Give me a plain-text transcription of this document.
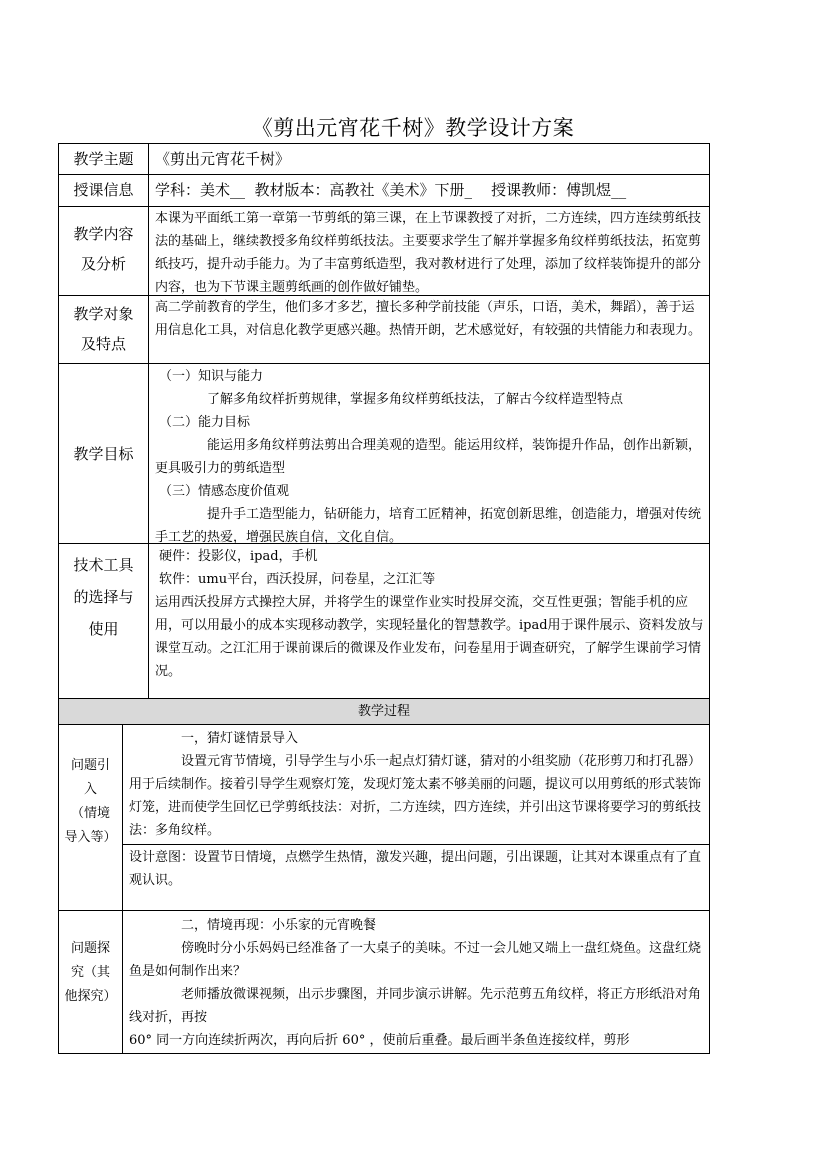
《剪出元宵花千树》教学设计方案
教学主题	《剪出元宵花千树》
授课信息	学科：美术__  教材版本：高教社《美术》下册_    授课教师：傅凯煜__
教学内容
及分析

本课为平面纸工第一章第一节剪纸的第三课，在上节课教授了对折，二方连续，四方连续剪纸技法的基础上，继续教授多角纹样剪纸技法。主要要求学生了解并掌握多角纹样剪纸技法，拓宽剪纸技巧，提升动手能力。为了丰富剪纸造型，我对教材进行了处理，添加了纹样装饰提升的部分内容，也为下节课主题剪纸画的创作做好铺垫。

教学对象
及特点

高二学前教育的学生，他们多才多艺，擅长多种学前技能（声乐，口语，美术，舞蹈），善于运用信息化工具，对信息化教学更感兴趣。热情开朗，艺术感觉好，有较强的共情能力和表现力。

教学目标

（一）知识与能力

了解多角纹样折剪规律，掌握多角纹样剪纸技法，了解古今纹样造型特点

（二）能力目标

能运用多角纹样剪法剪出合理美观的造型。能运用纹样，装饰提升作品，创作出新颖，更具吸引力的剪纸造型

（三）情感态度价值观

提升手工造型能力，钻研能力，培育工匠精神，拓宽创新思维，创造能力，增强对传统手工艺的热爱，增强民族自信，文化自信。

技术工具
的选择与
使用

硬件：投影仪，ipad，手机

软件：umu平台，西沃投屏，问卷星，之江汇等

运用西沃投屏方式操控大屏，并将学生的课堂作业实时投屏交流，交互性更强；智能手机的应用，可以用最小的成本实现移动教学，实现轻量化的智慧教学。ipad用于课件展示、资料发放与课堂互动。之江汇用于课前课后的微课及作业发布，问卷星用于调查研究，了解学生课前学习情况。

教学过程
问题引
入
（情境
导入等）

一，猜灯谜情景导入

设置元宵节情境，引导学生与小乐一起点灯猜灯谜，猜对的小组奖励（花形剪刀和打孔器）用于后续制作。接着引导学生观察灯笼，发现灯笼太素不够美丽的问题，提议可以用剪纸的形式装饰灯笼，进而使学生回忆已学剪纸技法：对折，二方连续，四方连续，并引出这节课将要学习的剪纸技法：多角纹样。

设计意图：设置节日情境，点燃学生热情，激发兴趣，提出问题，引出课题，让其对本课重点有了直观认识。

问题探
究（其
他探究）

二，情境再现：小乐家的元宵晚餐

傍晚时分小乐妈妈已经准备了一大桌子的美味。不过一会儿她又端上一盘红烧鱼。这盘红烧鱼是如何制作出来？

老师播放微课视频，出示步骤图，并同步演示讲解。先示范剪五角纹样，将正方形纸沿对角线对折，再按

60° 同一方向连续折两次，再向后折 60° ，使前后重叠。最后画半条鱼连接纹样，剪形
